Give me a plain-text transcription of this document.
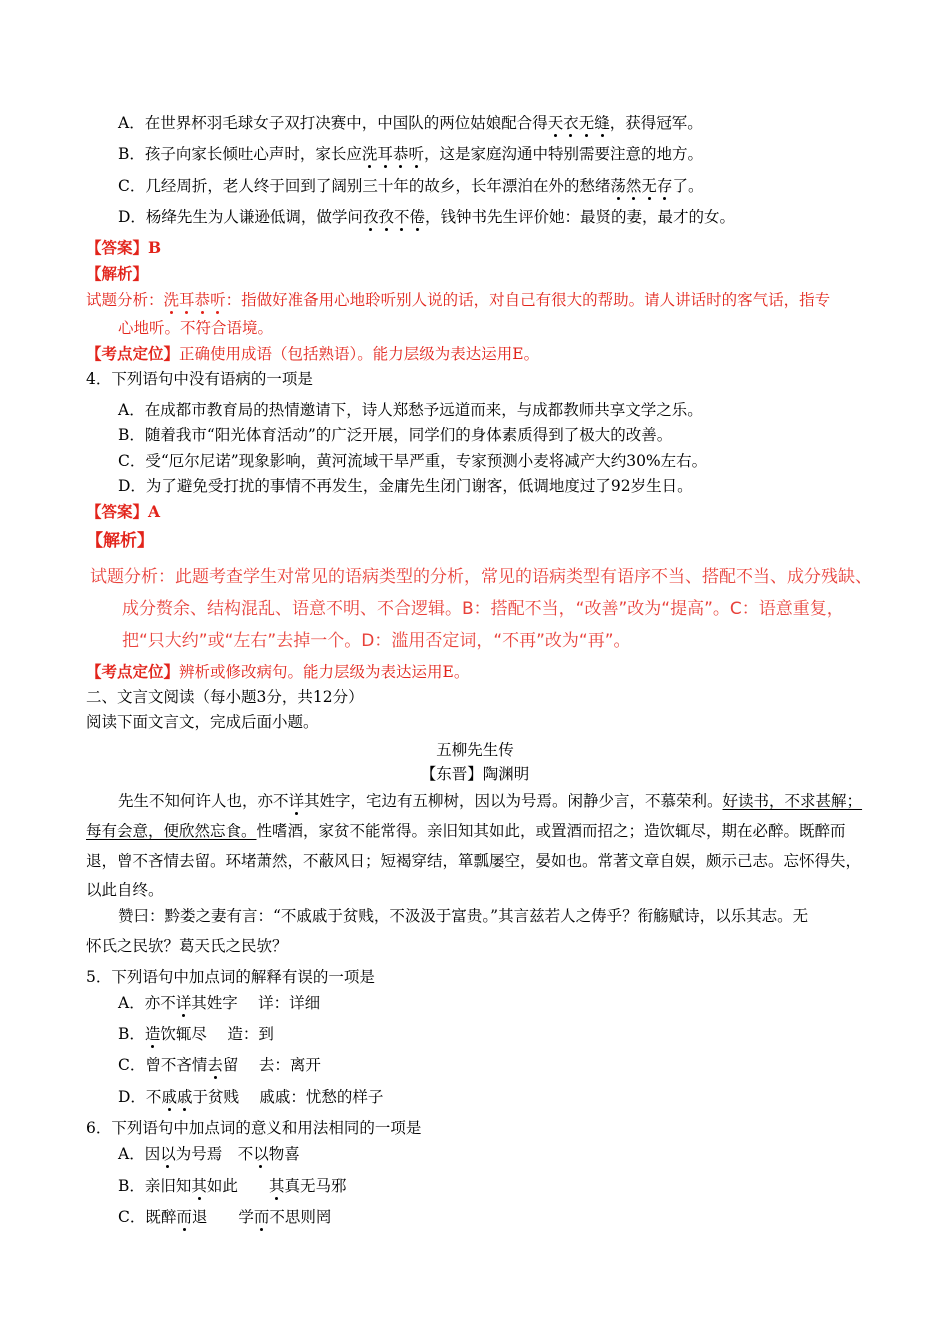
A．在世界杯羽毛球女子双打决赛中，中国队的两位姑娘配合得天衣无缝，获得冠军。
B．孩子向家长倾吐心声时，家长应洗耳恭听，这是家庭沟通中特别需要注意的地方。
C．几经周折，老人终于回到了阔别三十年的故乡，长年漂泊在外的愁绪荡然无存了。
D．杨绛先生为人谦逊低调，做学问孜孜不倦，钱钟书先生评价她：最贤的妻，最才的女。
【答案】B
【解析】
试题分析：洗耳恭听：指做好准备用心地聆听别人说的话，对自己有很大的帮助。请人讲话时的客气话，指专
心地听。不符合语境。
【考点定位】正确使用成语（包括熟语）。能力层级为表达运用E。
4．下列语句中没有语病的一项是
A．在成都市教育局的热情邀请下，诗人郑愁予远道而来，与成都教师共享文学之乐。
B．随着我市“阳光体育活动”的广泛开展，同学们的身体素质得到了极大的改善。
C．受“厄尔尼诺”现象影响，黄河流域干旱严重，专家预测小麦将减产大约30%左右。
D．为了避免受打扰的事情不再发生，金庸先生闭门谢客，低调地度过了92岁生日。
【答案】A
【解析】
试题分析：此题考查学生对常见的语病类型的分析，常见的语病类型有语序不当、搭配不当、成分残缺、
成分赘余、结构混乱、语意不明、不合逻辑。B：搭配不当，“改善”改为“提高”。C：语意重复，
把“只大约”或“左右”去掉一个。D：滥用否定词，“不再”改为“再”。
【考点定位】辨析或修改病句。能力层级为表达运用E。
二、文言文阅读（每小题3分，共12分）
阅读下面文言文，完成后面小题。
五柳先生传
【东晋】陶渊明
先生不知何许人也，亦不详其姓字，宅边有五柳树，因以为号焉。闲静少言，不慕荣利。好读书，不求甚解；
每有会意，便欣然忘食。性嗜酒，家贫不能常得。亲旧知其如此，或置酒而招之；造饮辄尽，期在必醉。既醉而
退，曾不吝情去留。环堵萧然，不蔽风日；短褐穿结，箪瓢屡空，晏如也。常著文章自娱，颇示己志。忘怀得失，
以此自终。
赞曰：黔娄之妻有言：“不戚戚于贫贱，不汲汲于富贵。”其言兹若人之俦乎？衔觞赋诗，以乐其志。无
怀氏之民欤？葛天氏之民欤？
5．下列语句中加点词的解释有误的一项是
A．亦不详其姓字　 详：详细
B．造饮辄尽　 造：到
C．曾不吝情去留　 去：离开
D．不戚戚于贫贱　 戚戚：忧愁的样子
6．下列语句中加点词的意义和用法相同的一项是
A．因以为号焉　不以物喜
B．亲旧知其如此　　其真无马邪
C．既醉而退　　学而不思则罔
